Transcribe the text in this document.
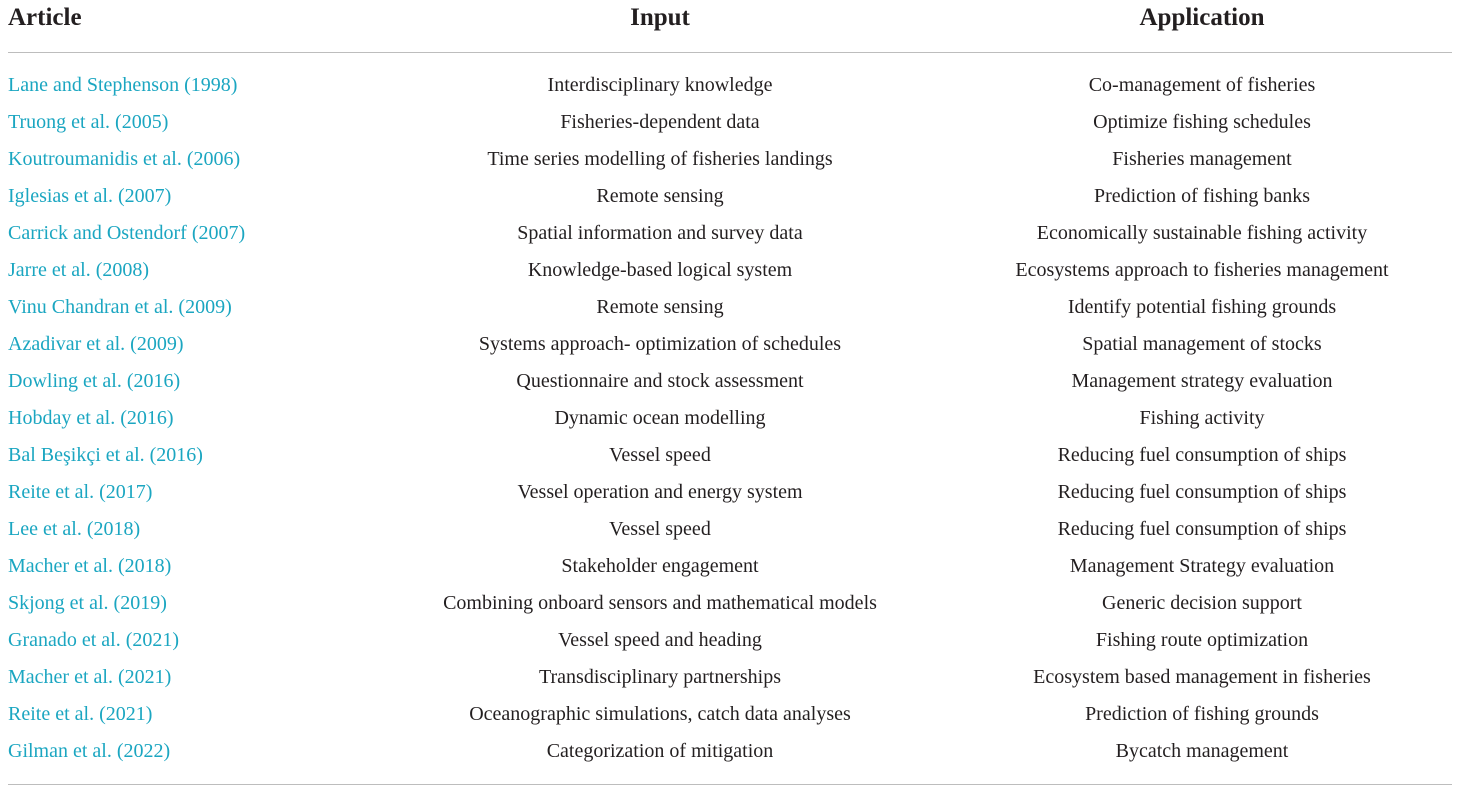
Article	Input	Application
Lane and Stephenson (1998)	Interdisciplinary knowledge	Co-management of fisheries
Truong et al. (2005)	Fisheries-dependent data	Optimize fishing schedules
Koutroumanidis et al. (2006)	Time series modelling of fisheries landings	Fisheries management
Iglesias et al. (2007)	Remote sensing	Prediction of fishing banks
Carrick and Ostendorf (2007)	Spatial information and survey data	Economically sustainable fishing activity
Jarre et al. (2008)	Knowledge-based logical system	Ecosystems approach to fisheries management
Vinu Chandran et al. (2009)	Remote sensing	Identify potential fishing grounds
Azadivar et al. (2009)	Systems approach- optimization of schedules	Spatial management of stocks
Dowling et al. (2016)	Questionnaire and stock assessment	Management strategy evaluation
Hobday et al. (2016)	Dynamic ocean modelling	Fishing activity
Bal Beşikçi et al. (2016)	Vessel speed	Reducing fuel consumption of ships
Reite et al. (2017)	Vessel operation and energy system	Reducing fuel consumption of ships
Lee et al. (2018)	Vessel speed	Reducing fuel consumption of ships
Macher et al. (2018)	Stakeholder engagement	Management Strategy evaluation
Skjong et al. (2019)	Combining onboard sensors and mathematical models	Generic decision support
Granado et al. (2021)	Vessel speed and heading	Fishing route optimization
Macher et al. (2021)	Transdisciplinary partnerships	Ecosystem based management in fisheries
Reite et al. (2021)	Oceanographic simulations, catch data analyses	Prediction of fishing grounds
Gilman et al. (2022)	Categorization of mitigation	Bycatch management
